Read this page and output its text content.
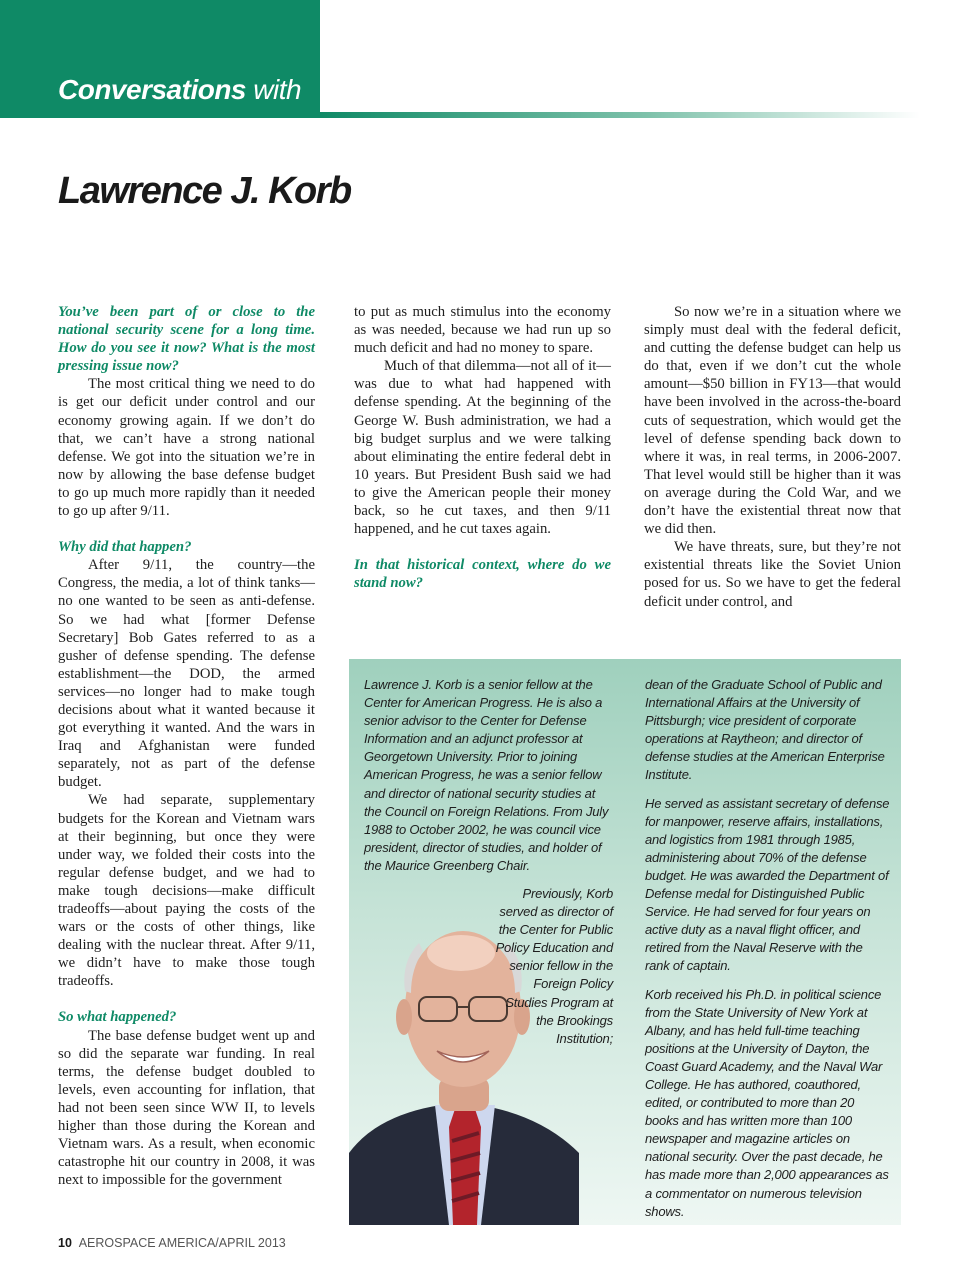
Conversations with
Lawrence J. Korb

You’ve been part of or close to the national security scene for a long time. How do you see it now? What is the most pressing issue now?

The most critical thing we need to do is get our deficit under control and our economy growing again. If we don’t do that, we can’t have a strong national defense. We got into the situation we’re in now by allowing the base defense budget to go up much more rapidly than it needed to go up after 9/11.

Why did that happen?

After 9/11, the country—the Congress, the media, a lot of think tanks—no one wanted to be seen as anti-defense. So we had what [former Defense Secretary] Bob Gates referred to as a gusher of defense spending. The defense establishment—the DOD, the armed services—no longer had to make tough decisions about what it wanted because it got everything it wanted. And the wars in Iraq and Afghanistan were funded separately, not as part of the defense budget.

We had separate, supplementary budgets for the Korean and Vietnam wars at their beginning, but once they were under way, we folded their costs into the regular defense budget, and we had to make tough decisions—make difficult tradeoffs—about paying the costs of the wars or the costs of other things, like dealing with the nuclear threat. After 9/11, we didn’t have to make those tough tradeoffs.

So what happened?

The base defense budget went up and so did the separate war funding. In real terms, the defense budget doubled to levels, even accounting for inflation, that had not been seen since WW II, to levels higher than those during the Korean and Vietnam wars. As a result, when economic catastrophe hit our country in 2008, it was next to impossible for the government

to put as much stimulus into the economy as was needed, because we had run up so much deficit and had no money to spare.

Much of that dilemma—not all of it—was due to what had happened with defense spending. At the beginning of the George W. Bush administration, we had a big budget surplus and we were talking about eliminating the entire federal debt in 10 years. But President Bush said we had to give the American people their money back, so he cut taxes, and then 9/11 happened, and he cut taxes again.

In that historical context, where do we stand now?

So now we’re in a situation where we simply must deal with the federal deficit, and cutting the defense budget can help us do that, even if we don’t cut the whole amount—$50 billion in FY13—that would have been involved in the across-the-board cuts of sequestration, which would get the level of defense spending back down to where it was, in real terms, in 2006-2007. That level would still be higher than it was on average during the Cold War, and we don’t have the existential threat now that we did then.

We have threats, sure, but they’re not existential threats like the Soviet Union posed for us. So we have to get the federal deficit under control, and

Lawrence J. Korb is a senior fellow at the Center for American Progress. He is also a senior advisor to the Center for Defense Information and an adjunct professor at Georgetown University. Prior to joining American Progress, he was a senior fellow and director of national security studies at the Council on Foreign Relations. From July 1988 to October 2002, he was council vice president, director of studies, and holder of the Maurice Greenberg Chair.

Previously, Korb served as director of the Center for Public Policy Education and senior fellow in the Foreign Policy Studies Program at the Brookings Institution;

dean of the Graduate School of Public and International Affairs at the University of Pittsburgh; vice president of corporate operations at Raytheon; and director of defense studies at the American Enterprise Institute.

He served as assistant secretary of defense for manpower, reserve affairs, installations, and logistics from 1981 through 1985, administering about 70% of the defense budget. He was awarded the Department of Defense medal for Distinguished Public Service. He had served for four years on active duty as a naval flight officer, and retired from the Naval Reserve with the rank of captain.

Korb received his Ph.D. in political science from the State University of New York at Albany, and has held full-time teaching positions at the University of Dayton, the Coast Guard Academy, and the Naval War College. He has authored, coauthored, edited, or contributed to more than 20 books and has written more than 100 newspaper and magazine articles on national security. Over the past decade, he has made more than 2,000 appearances as a commentator on numerous television shows.

10 AEROSPACE AMERICA/APRIL 2013
